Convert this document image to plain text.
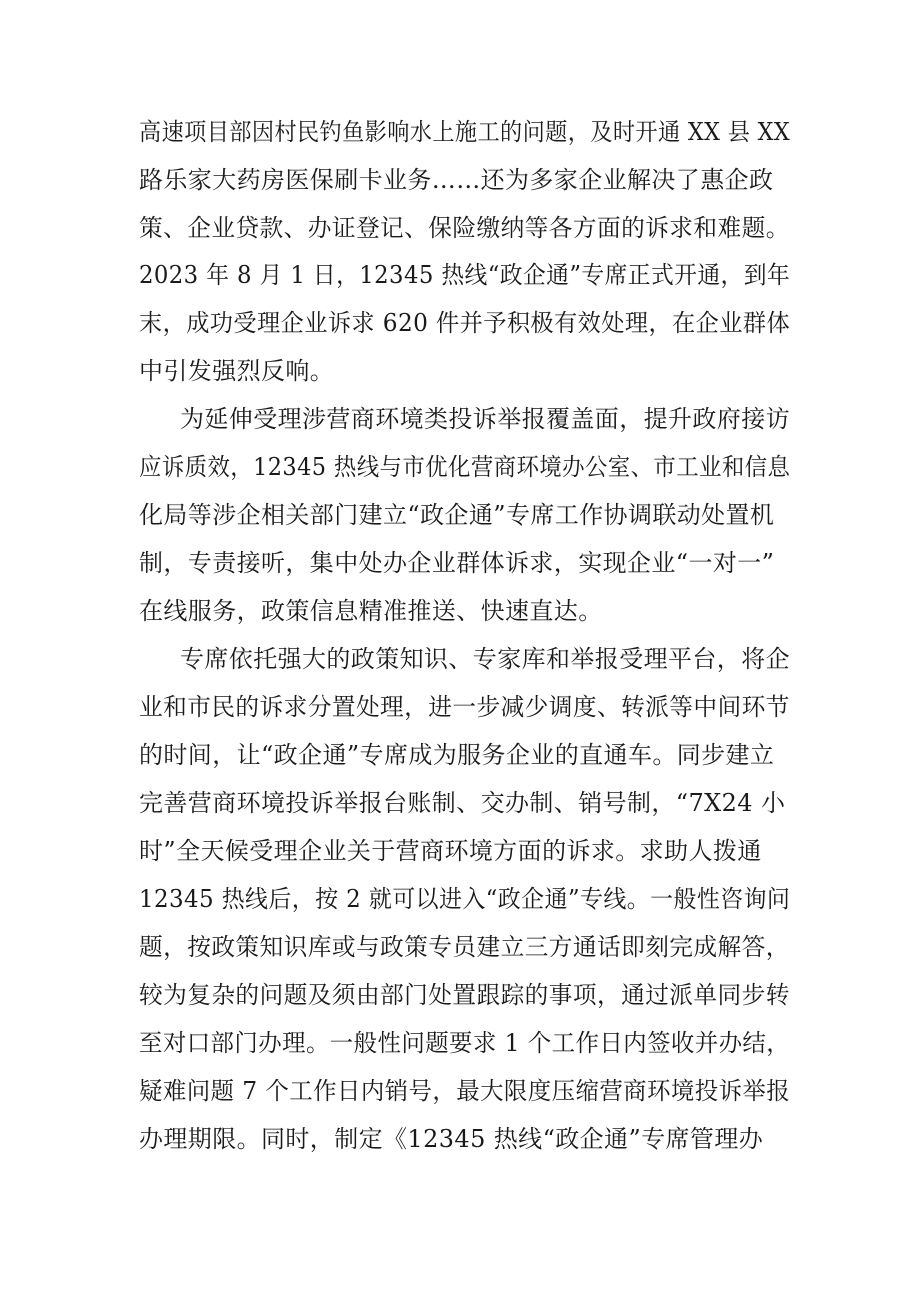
高速项目部因村民钓鱼影响水上施工的问题，及时开通 XX 县 XX
路乐家大药房医保刷卡业务……还为多家企业解决了惠企政
策、企业贷款、办证登记、保险缴纳等各方面的诉求和难题。
2023 年 8 月 1 日，12345 热线“政企通”专席正式开通，到年
末，成功受理企业诉求 620 件并予积极有效处理，在企业群体
中引发强烈反响。
为延伸受理涉营商环境类投诉举报覆盖面，提升政府接访
应诉质效，12345 热线与市优化营商环境办公室、市工业和信息
化局等涉企相关部门建立“政企通”专席工作协调联动处置机
制，专责接听，集中处办企业群体诉求，实现企业“一对一”
在线服务，政策信息精准推送、快速直达。
专席依托强大的政策知识、专家库和举报受理平台，将企
业和市民的诉求分置处理，进一步减少调度、转派等中间环节
的时间，让“政企通”专席成为服务企业的直通车。同步建立
完善营商环境投诉举报台账制、交办制、销号制，“7X24 小
时”全天候受理企业关于营商环境方面的诉求。求助人拨通
12345 热线后，按 2 就可以进入“政企通”专线。一般性咨询问
题，按政策知识库或与政策专员建立三方通话即刻完成解答，
较为复杂的问题及须由部门处置跟踪的事项，通过派单同步转
至对口部门办理。一般性问题要求 1 个工作日内签收并办结，
疑难问题 7 个工作日内销号，最大限度压缩营商环境投诉举报
办理期限。同时，制定《12345 热线“政企通”专席管理办
